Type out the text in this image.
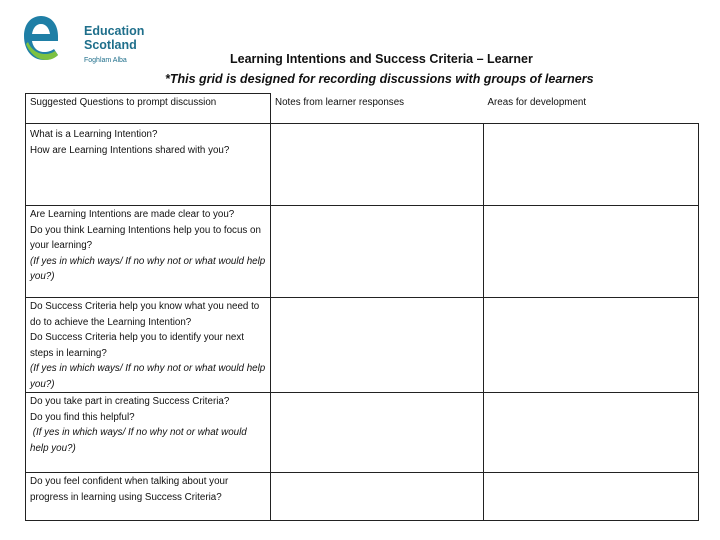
Education
Scotland
Foghlam Alba	Learning Intentions and Success Criteria – Learner
*This grid is designed for recording discussions with groups of learners
Suggested Questions to prompt discussion	Notes from learner responses	Areas for development

What is a Learning Intention?
How are Learning Intentions shared with you?		

Are Learning Intentions are made clear to you?
Do you think Learning Intentions help you to focus on your learning?
(If yes in which ways/ If no why not or what would help you?)		

Do Success Criteria help you know what you need to do to achieve the Learning Intention?
Do Success Criteria help you to identify your next steps in learning?
(If yes in which ways/ If no why not or what would help you?)		

Do you take part in creating Success Criteria?
Do you find this helpful?
(If yes in which ways/ If no why not or what would help you?)		

Do you feel confident when talking about your progress in learning using Success Criteria?		
